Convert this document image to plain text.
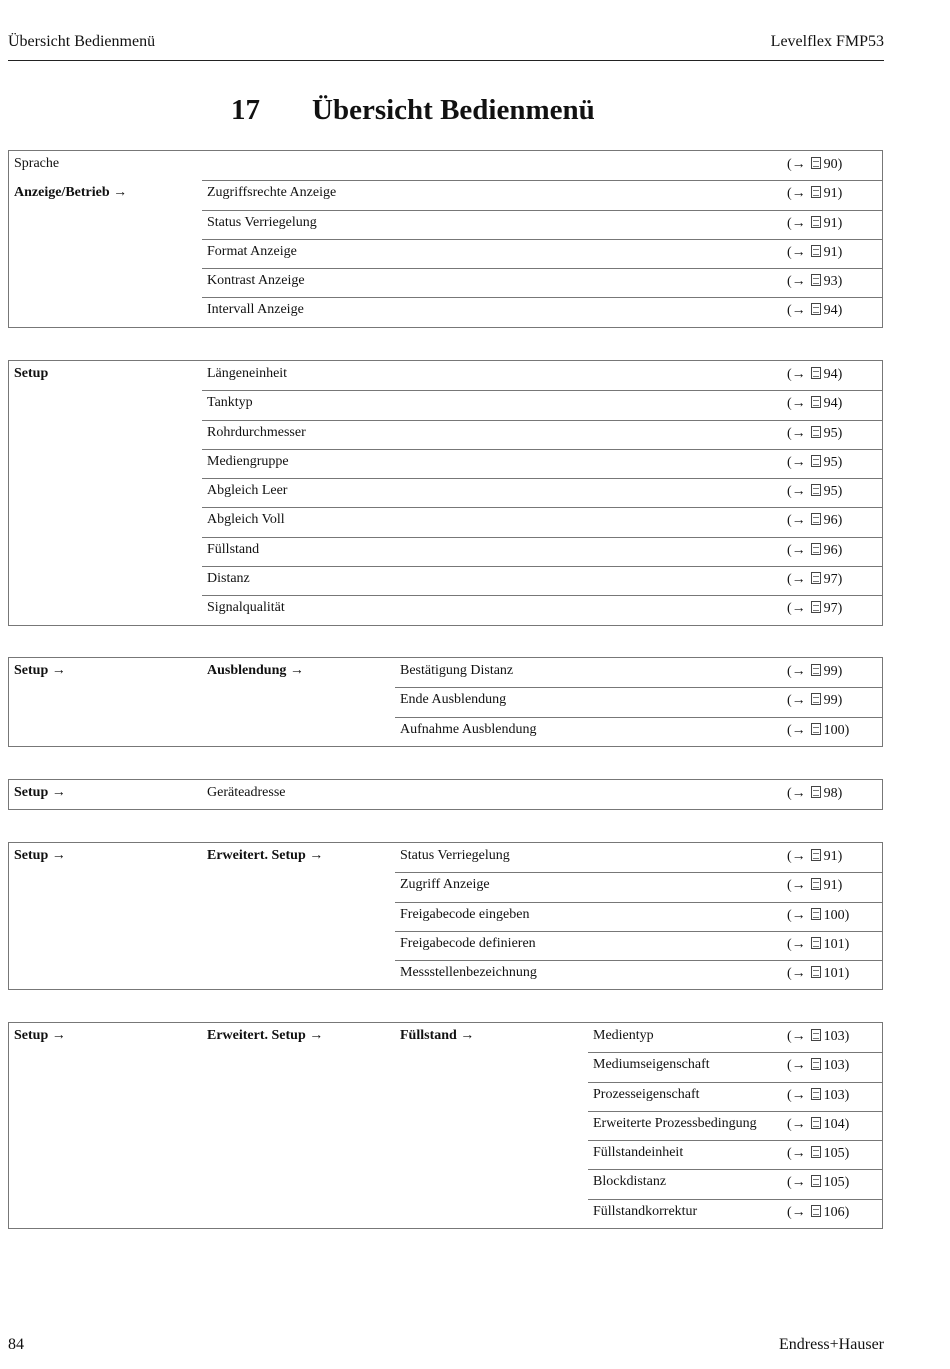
Übersicht Bedienmenü	Levelflex FMP53
17 Übersicht Bedienmenü
Sprache	(→ 90)
Anzeige/Betrieb →	Zugriffsrechte Anzeige	(→ 91)
Status Verriegelung	(→ 91)
Format Anzeige	(→ 91)
Kontrast Anzeige	(→ 93)
Intervall Anzeige	(→ 94)
Setup	Längeneinheit	(→ 94)
Tanktyp	(→ 94)
Rohrdurchmesser	(→ 95)
Mediengruppe	(→ 95)
Abgleich Leer	(→ 95)
Abgleich Voll	(→ 96)
Füllstand	(→ 96)
Distanz	(→ 97)
Signalqualität	(→ 97)
Setup →	Ausblendung →	Bestätigung Distanz	(→ 99)
Ende Ausblendung	(→ 99)
Aufnahme Ausblendung	(→ 100)
Setup →	Geräteadresse	(→ 98)
Setup →	Erweitert. Setup →	Status Verriegelung	(→ 91)
Zugriff Anzeige	(→ 91)
Freigabecode eingeben	(→ 100)
Freigabecode definieren	(→ 101)
Messstellenbezeichnung	(→ 101)
Setup →	Erweitert. Setup →	Füllstand →	Medientyp	(→ 103)
Mediumseigenschaft	(→ 103)
Prozesseigenschaft	(→ 103)
Erweiterte Prozessbedingung (→ 104)
Füllstandeinheit	(→ 105)
Blockdistanz	(→ 105)
Füllstandkorrektur	(→ 106)
84	Endress+Hauser
